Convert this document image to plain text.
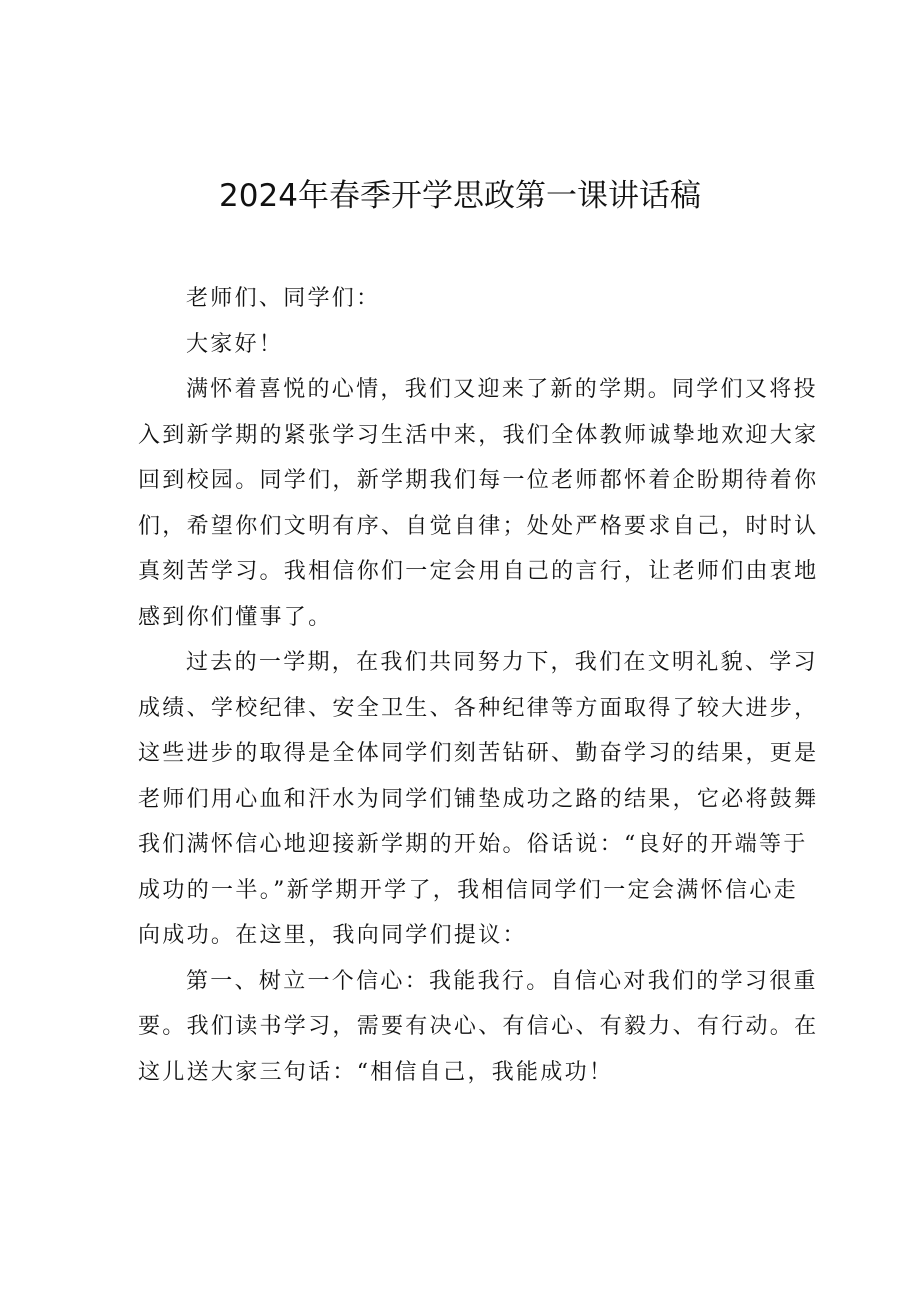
2024年春季开学思政第一课讲话稿

老师们、同学们：

大家好！

满怀着喜悦的心情，我们又迎来了新的学期。同学们又将投
入到新学期的紧张学习生活中来，我们全体教师诚挚地欢迎大家
回到校园。同学们，新学期我们每一位老师都怀着企盼期待着你
们，希望你们文明有序、自觉自律；处处严格要求自己，时时认
真刻苦学习。我相信你们一定会用自己的言行，让老师们由衷地
感到你们懂事了。

过去的一学期，在我们共同努力下，我们在文明礼貌、学习
成绩、学校纪律、安全卫生、各种纪律等方面取得了较大进步，
这些进步的取得是全体同学们刻苦钻研、勤奋学习的结果，更是
老师们用心血和汗水为同学们铺垫成功之路的结果，它必将鼓舞
我们满怀信心地迎接新学期的开始。俗话说：“良好的开端等于
成功的一半。”新学期开学了，我相信同学们一定会满怀信心走
向成功。在这里，我向同学们提议：

第一、树立一个信心：我能我行。自信心对我们的学习很重
要。我们读书学习，需要有决心、有信心、有毅力、有行动。在
这儿送大家三句话：“相信自己，我能成功！
